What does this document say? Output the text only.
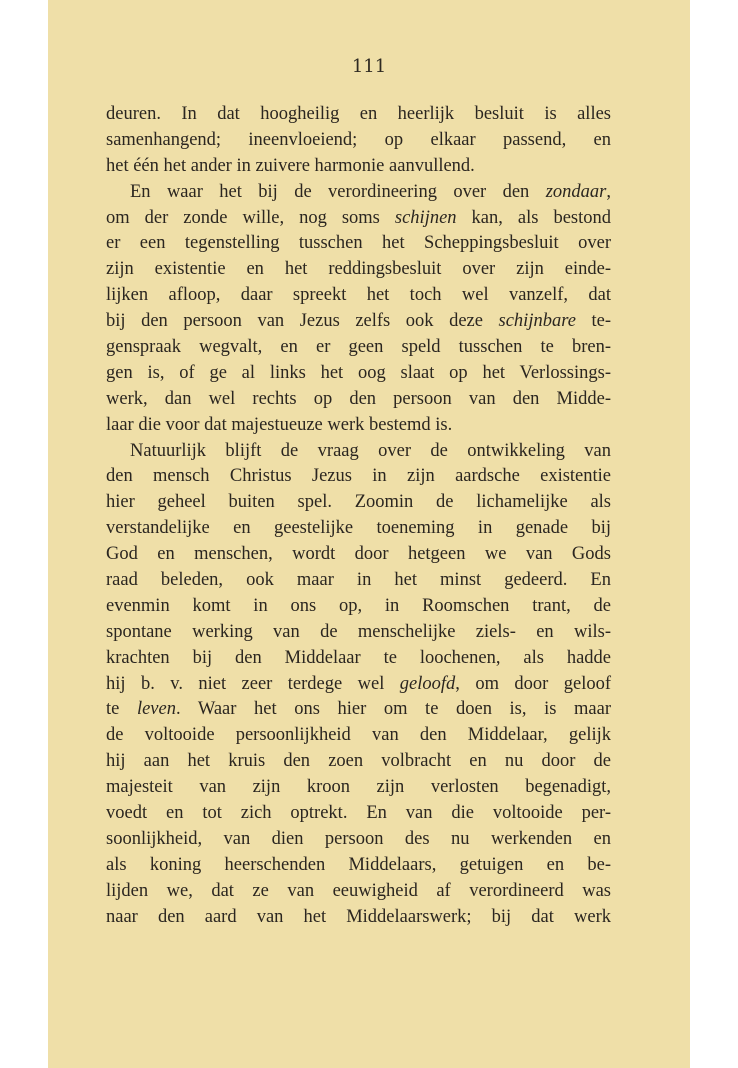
111
deuren. In dat hoogheilig en heerlijk besluit is alles
samenhangend; ineenvloeiend; op elkaar passend, en
het één het ander in zuivere harmonie aanvullend.
En waar het bij de verordineering over den zondaar,
om der zonde wille, nog soms schijnen kan, als bestond
er een tegenstelling tusschen het Scheppingsbesluit over
zijn existentie en het reddingsbesluit over zijn einde-
lijken afloop, daar spreekt het toch wel vanzelf, dat
bij den persoon van Jezus zelfs ook deze schijnbare te-
genspraak wegvalt, en er geen speld tusschen te bren-
gen is, of ge al links het oog slaat op het Verlossings-
werk, dan wel rechts op den persoon van den Midde-
laar die voor dat majestueuze werk bestemd is.
Natuurlijk blijft de vraag over de ontwikkeling van
den mensch Christus Jezus in zijn aardsche existentie
hier geheel buiten spel. Zoomin de lichamelijke als
verstandelijke en geestelijke toeneming in genade bij
God en menschen, wordt door hetgeen we van Gods
raad beleden, ook maar in het minst gedeerd. En
evenmin komt in ons op, in Roomschen trant, de
spontane werking van de menschelijke ziels- en wils-
krachten bij den Middelaar te loochenen, als hadde
hij b. v. niet zeer terdege wel geloofd, om door geloof
te leven. Waar het ons hier om te doen is, is maar
de voltooide persoonlijkheid van den Middelaar, gelijk
hij aan het kruis den zoen volbracht en nu door de
majesteit van zijn kroon zijn verlosten begenadigt,
voedt en tot zich optrekt. En van die voltooide per-
soonlijkheid, van dien persoon des nu werkenden en
als koning heerschenden Middelaars, getuigen en be-
lijden we, dat ze van eeuwigheid af verordineerd was
naar den aard van het Middelaarswerk; bij dat werk
